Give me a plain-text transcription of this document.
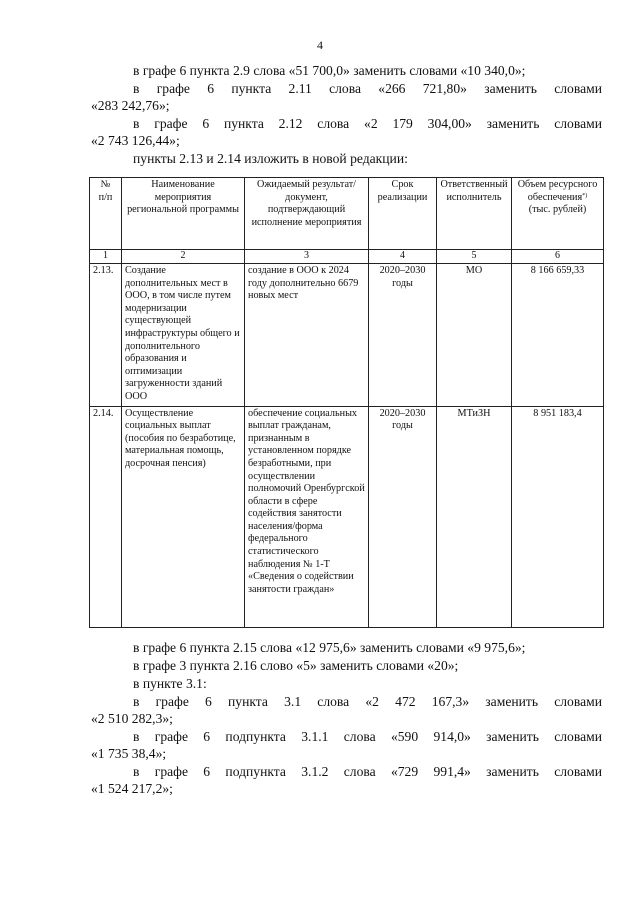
4
в графе 6 пункта 2.9 слова «51 700,0» заменить словами «10 340,0»;
в графе 6 пункта 2.11 слова «266 721,80» заменить словами
«283 242,76»;
в графе 6 пункта 2.12 слова «2 179 304,00» заменить словами
«2 743 126,44»;
пункты 2.13 и 2.14 изложить в новой редакции:
№
п/п	Наименование мероприятия региональной программы	Ожидаемый результат/документ, подтверждающий исполнение мероприятия	Срок реализации	Ответственный исполнитель	Объем ресурсного обеспечения*)
(тыс. рублей)
1	2	3	4	5	6
2.13.	Создание дополнительных мест в ООО, в том числе путем модернизации существующей инфраструктуры общего и дополнительного образования и оптимизации загруженности зданий ООО	создание в ООО к 2024 году дополнительно 6679 новых мест	2020–2030 годы	МО	8 166 659,33
2.14.	Осуществление социальных выплат (пособия по безработице, материальная помощь, досрочная пенсия)	обеспечение социальных выплат гражданам, признанным в установленном порядке безработными, при осуществлении полномочий Оренбургской области в сфере содействия занятости населения/форма федерального статистического наблюдения № 1-Т «Сведения о содействии занятости граждан»	2020–2030 годы	МТиЗН	8 951 183,4
в графе 6 пункта 2.15 слова «12 975,6» заменить словами «9 975,6»;
в графе 3 пункта 2.16 слово «5» заменить словами «20»;
в пункте 3.1:
в графе 6 пункта 3.1 слова «2 472 167,3» заменить словами
«2 510 282,3»;
в графе 6 подпункта 3.1.1 слова «590 914,0» заменить словами
«1 735 38,4»;
в графе 6 подпункта 3.1.2 слова «729 991,4» заменить словами
«1 524 217,2»;
